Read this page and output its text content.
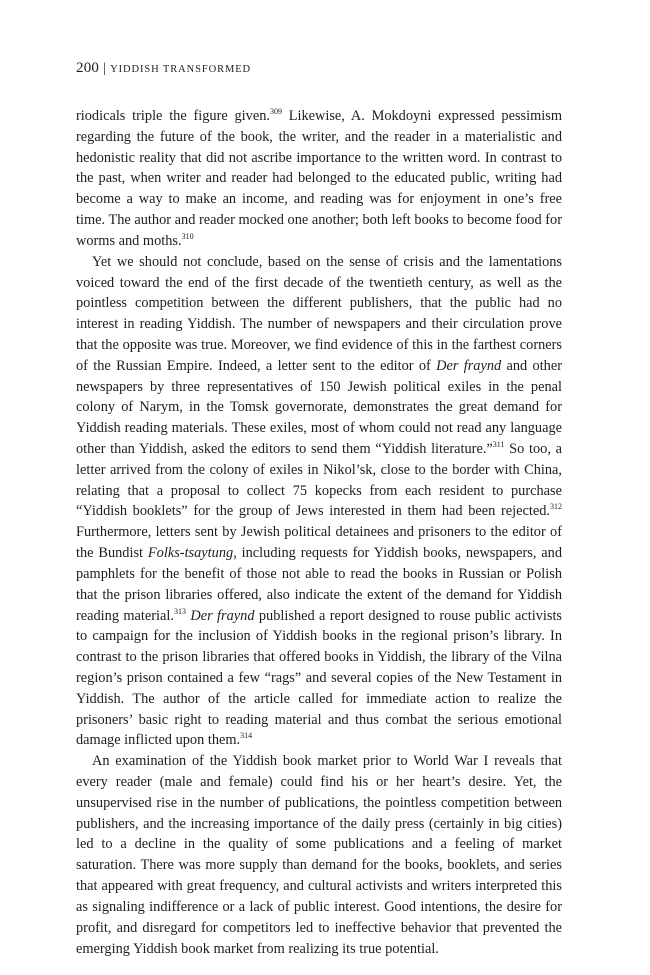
200 | YIDDISH TRANSFORMED

riodicals triple the figure given.$^{309}$ Likewise, A. Mokdoyni expressed pessimism regarding the future of the book, the writer, and the reader in a materialistic and hedonistic reality that did not ascribe importance to the written word. In contrast to the past, when writer and reader had belonged to the educated public, writing had become a way to make an income, and reading was for enjoyment in one’s free time. The author and reader mocked one another; both left books to become food for worms and moths.$^{310}$

Yet we should not conclude, based on the sense of crisis and the lamentations voiced toward the end of the first decade of the twentieth century, as well as the pointless competition between the different publishers, that the public had no interest in reading Yiddish. The number of newspapers and their circulation prove that the opposite was true. Moreover, we find evidence of this in the farthest corners of the Russian Empire. Indeed, a letter sent to the editor of Der fraynd and other newspapers by three representatives of 150 Jewish political exiles in the penal colony of Narym, in the Tomsk governorate, demonstrates the great demand for Yiddish reading materials. These exiles, most of whom could not read any language other than Yiddish, asked the editors to send them “Yiddish literature.”$^{311}$ So too, a letter arrived from the colony of exiles in Nikol’sk, close to the border with China, relating that a proposal to collect 75 kopecks from each resident to purchase “Yiddish booklets” for the group of Jews interested in them had been rejected.$^{312}$ Furthermore, letters sent by Jewish political detainees and prisoners to the editor of the Bundist Folks-tsaytung, including requests for Yiddish books, newspapers, and pamphlets for the benefit of those not able to read the books in Russian or Polish that the prison libraries offered, also indicate the extent of the demand for Yiddish reading material.$^{313}$ Der fraynd published a report designed to rouse public activists to campaign for the inclusion of Yiddish books in the regional prison’s library. In contrast to the prison libraries that offered books in Yiddish, the library of the Vilna region’s prison contained a few “rags” and several copies of the New Testament in Yiddish. The author of the article called for immediate action to realize the prisoners’ basic right to reading material and thus combat the serious emotional damage inflicted upon them.$^{314}$

An examination of the Yiddish book market prior to World War I reveals that every reader (male and female) could find his or her heart’s desire. Yet, the unsupervised rise in the number of publications, the pointless competition between publishers, and the increasing importance of the daily press (certainly in big cities) led to a decline in the quality of some publications and a feeling of market saturation. There was more supply than demand for the books, booklets, and series that appeared with great frequency, and cultural activists and writers interpreted this as signaling indifference or a lack of public interest. Good intentions, the desire for profit, and disregard for competitors led to ineffective behavior that prevented the emerging Yiddish book market from realizing its true potential.
